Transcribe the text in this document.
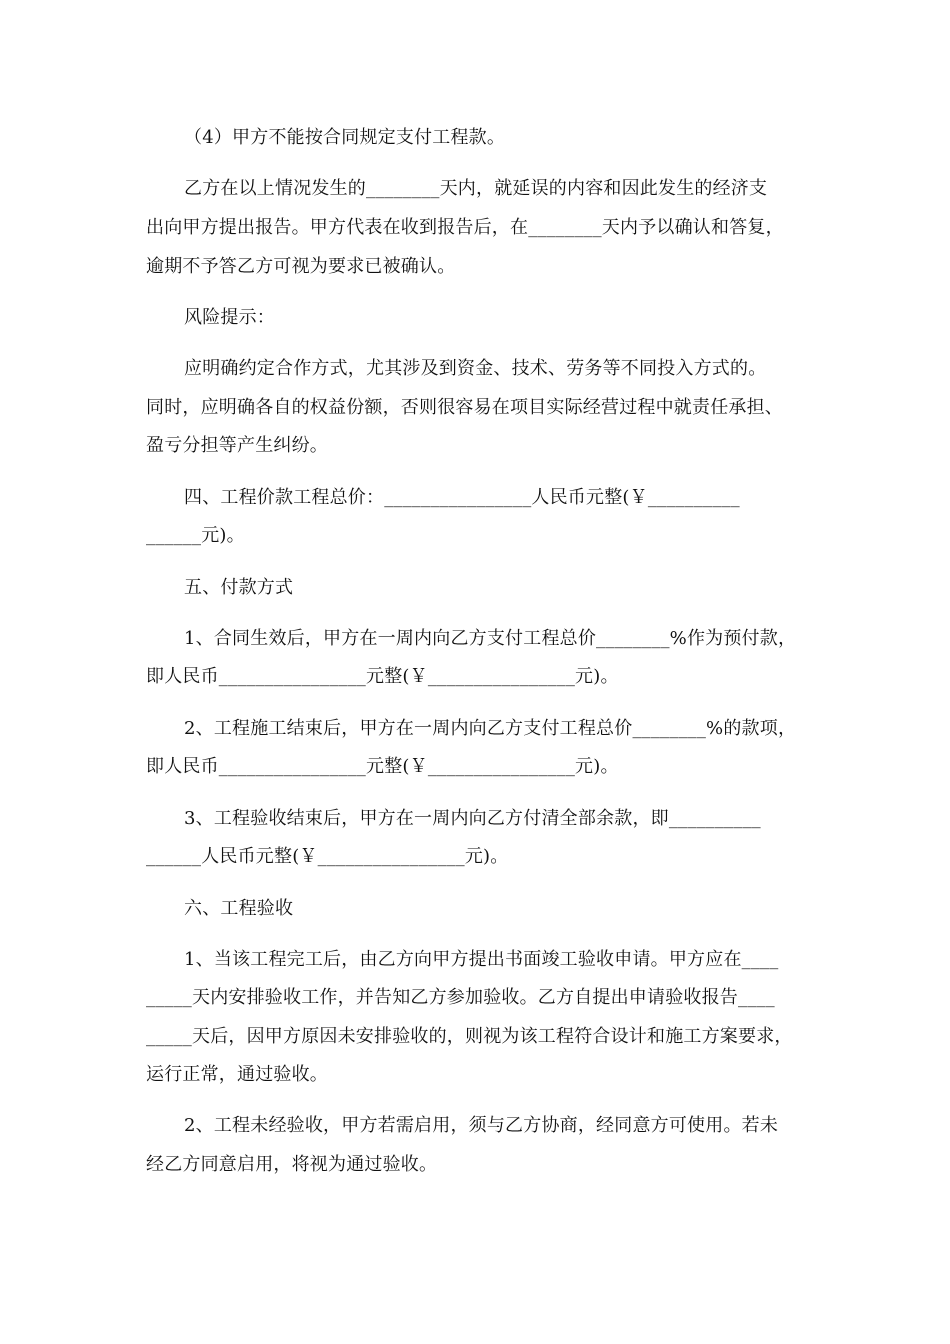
（4）甲方不能按合同规定支付工程款。
乙方在以上情况发生的________天内，就延误的内容和因此发生的经济支
出向甲方提出报告。甲方代表在收到报告后，在________天内予以确认和答复，
逾期不予答乙方可视为要求已被确认。
风险提示：
应明确约定合作方式，尤其涉及到资金、技术、劳务等不同投入方式的。
同时，应明确各自的权益份额，否则很容易在项目实际经营过程中就责任承担、
盈亏分担等产生纠纷。
四、工程价款工程总价：________________人民币元整(￥__________
______元)。
五、付款方式
1、合同生效后，甲方在一周内向乙方支付工程总价________%作为预付款，
即人民币________________元整(￥________________元)。
2、工程施工结束后，甲方在一周内向乙方支付工程总价________%的款项，
即人民币________________元整(￥________________元)。
3、工程验收结束后，甲方在一周内向乙方付清全部余款，即__________
______人民币元整(￥________________元)。
六、工程验收
1、当该工程完工后，由乙方向甲方提出书面竣工验收申请。甲方应在____
_____天内安排验收工作，并告知乙方参加验收。乙方自提出申请验收报告____
_____天后，因甲方原因未安排验收的，则视为该工程符合设计和施工方案要求，
运行正常，通过验收。
2、工程未经验收，甲方若需启用，须与乙方协商，经同意方可使用。若未
经乙方同意启用，将视为通过验收。
